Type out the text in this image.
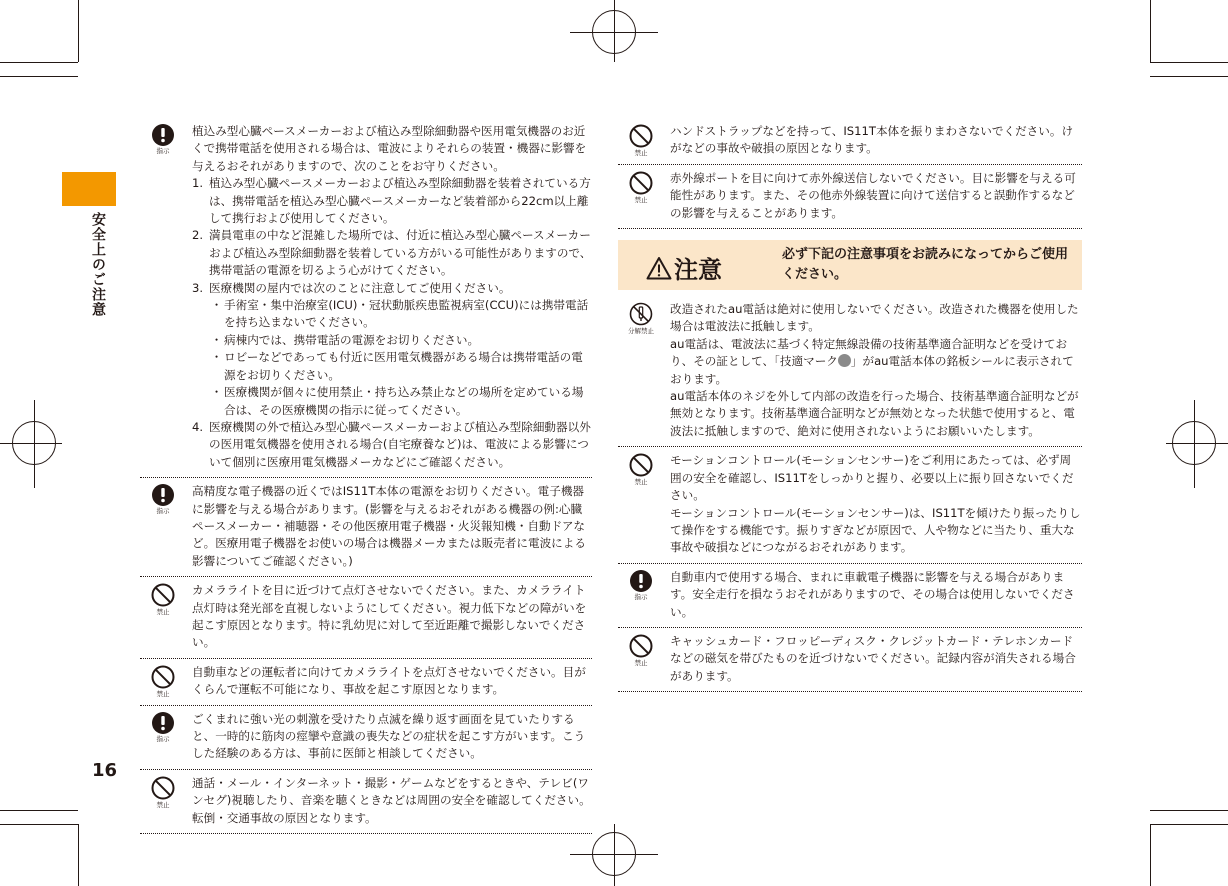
安全上のご注意
16
指示

植込み型心臓ペースメーカーおよび植込み型除細動器や医用電気機器のお近くで携帯電話を使用される場合は、電波によりそれらの装置・機器に影響を与えるおそれがありますので、次のことをお守りください。

1. 植込み型心臓ペースメーカーおよび植込み型除細動器を装着されている方は、携帯電話を植込み型心臓ペースメーカーなど装着部から22cm以上離して携行および使用してください。
2. 満員電車の中など混雑した場所では、付近に植込み型心臓ペースメーカーおよび植込み型除細動器を装着している方がいる可能性がありますので、携帯電話の電源を切るよう心がけてください。
3. 医療機関の屋内では次のことに注意してご使用ください。
・ 手術室・集中治療室(ICU)・冠状動脈疾患監視病室(CCU)には携帯電話を持ち込まないでください。
・ 病棟内では、携帯電話の電源をお切りください。
・ ロビーなどであっても付近に医用電気機器がある場合は携帯電話の電源をお切りください。
・ 医療機関が個々に使用禁止・持ち込み禁止などの場所を定めている場合は、その医療機関の指示に従ってください。
4. 医療機関の外で植込み型心臓ペースメーカーおよび植込み型除細動器以外の医用電気機器を使用される場合(自宅療養など)は、電波による影響について個別に医療用電気機器メーカなどにご確認ください。
指示

高精度な電子機器の近くではIS11T本体の電源をお切りください。電子機器に影響を与える場合があります。(影響を与えるおそれがある機器の例:心臓ペースメーカー・補聴器・その他医療用電子機器・火災報知機・自動ドアなど。医療用電子機器をお使いの場合は機器メーカまたは販売者に電波による影響についてご確認ください。)

禁止

カメラライトを目に近づけて点灯させないでください。また、カメラライト点灯時は発光部を直視しないようにしてください。視力低下などの障がいを起こす原因となります。特に乳幼児に対して至近距離で撮影しないでください。

禁止

自動車などの運転者に向けてカメラライトを点灯させないでください。目がくらんで運転不可能になり、事故を起こす原因となります。

指示

ごくまれに強い光の刺激を受けたり点滅を繰り返す画面を見ていたりすると、一時的に筋肉の痙攣や意識の喪失などの症状を起こす方がいます。こうした経験のある方は、事前に医師と相談してください。

禁止

通話・メール・インターネット・撮影・ゲームなどをするときや、テレビ(ワンセグ)視聴したり、音楽を聴くときなどは周囲の安全を確認してください。転倒・交通事故の原因となります。

禁止

ハンドストラップなどを持って、IS11T本体を振りまわさないでください。けがなどの事故や破損の原因となります。

禁止

赤外線ポートを目に向けて赤外線送信しないでください。目に影響を与える可能性があります。また、その他赤外線装置に向けて送信すると誤動作するなどの影響を与えることがあります。

注意
必ず下記の注意事項をお読みになってからご使用ください。
分解禁止

改造されたau電話は絶対に使用しないでください。改造された機器を使用した場合は電波法に抵触します。

au電話は、電波法に基づく特定無線設備の技術基準適合証明などを受けており、その証として、「技適マーク 」がau電話本体の銘板シールに表示されております。

au電話本体のネジを外して内部の改造を行った場合、技術基準適合証明などが無効となります。技術基準適合証明などが無効となった状態で使用すると、電波法に抵触しますので、絶対に使用されないようにお願いいたします。

禁止

モーションコントロール(モーションセンサー)をご利用にあたっては、必ず周囲の安全を確認し、IS11Tをしっかりと握り、必要以上に振り回さないでください。

モーションコントロール(モーションセンサー)は、IS11Tを傾けたり振ったりして操作をする機能です。振りすぎなどが原因で、人や物などに当たり、重大な事故や破損などにつながるおそれがあります。

指示

自動車内で使用する場合、まれに車載電子機器に影響を与える場合があります。安全走行を損なうおそれがありますので、その場合は使用しないでください。

禁止

キャッシュカード・フロッピーディスク・クレジットカード・テレホンカードなどの磁気を帯びたものを近づけないでください。記録内容が消失される場合があります。
